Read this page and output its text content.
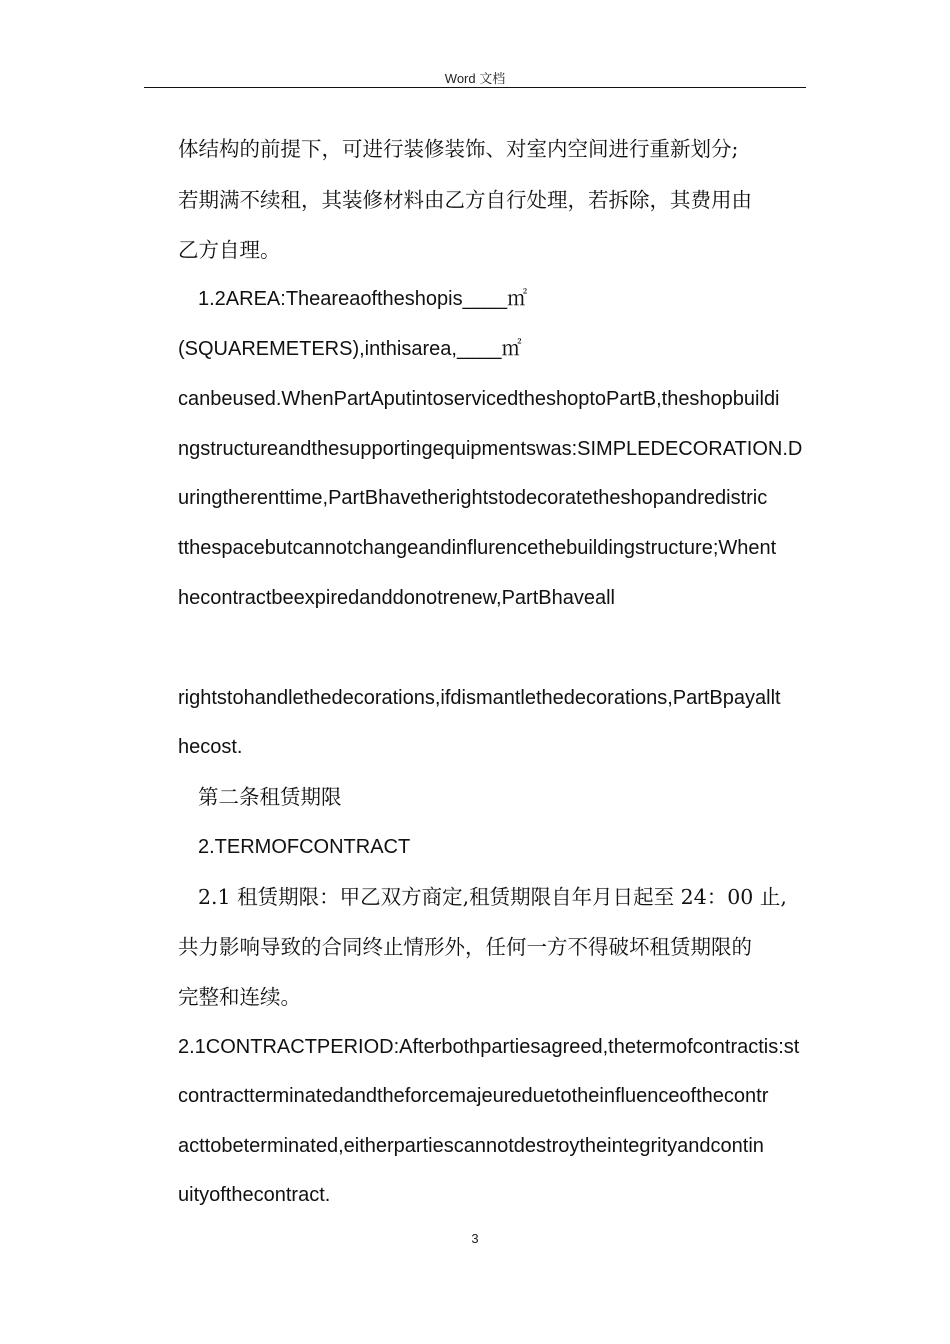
Word 文档
体结构的前提下，可进行装修装饰、对室内空间进行重新划分;
若期满不续租，其装修材料由乙方自行处理，若拆除，其费用由
乙方自理。
1.2AREA:Theareaoftheshopis____㎡
(SQUAREMETERS),inthisarea,____㎡
canbeused.WhenPartAputintoservicedtheshoptoPartB,theshopbuildi
ngstructureandthesupportingequipmentswas:SIMPLEDECORATION.D
uringtherenttime,PartBhavetherightstodecoratetheshopandredistric
tthespacebutcannotchangeandinflurencethebuildingstructure;Whent
hecontractbeexpiredanddonotrenew,PartBhaveall
rightstohandlethedecorations,ifdismantlethedecorations,PartBpayallt
hecost.
第二条租赁期限
2.TERMOFCONTRACT
2.1 租赁期限：甲乙双方商定,租赁期限自年月日起至 24：00 止,
共力影响导致的合同终止情形外，任何一方不得破坏租赁期限的
完整和连续。
2.1CONTRACTPERIOD:Afterbothpartiesagreed,thetermofcontractis:st
contractterminatedandtheforcemajeureduetotheinfluenceofthecontr
acttobeterminated,eitherpartiescannotdestroytheintegrityandcontin
uityofthecontract.
3
